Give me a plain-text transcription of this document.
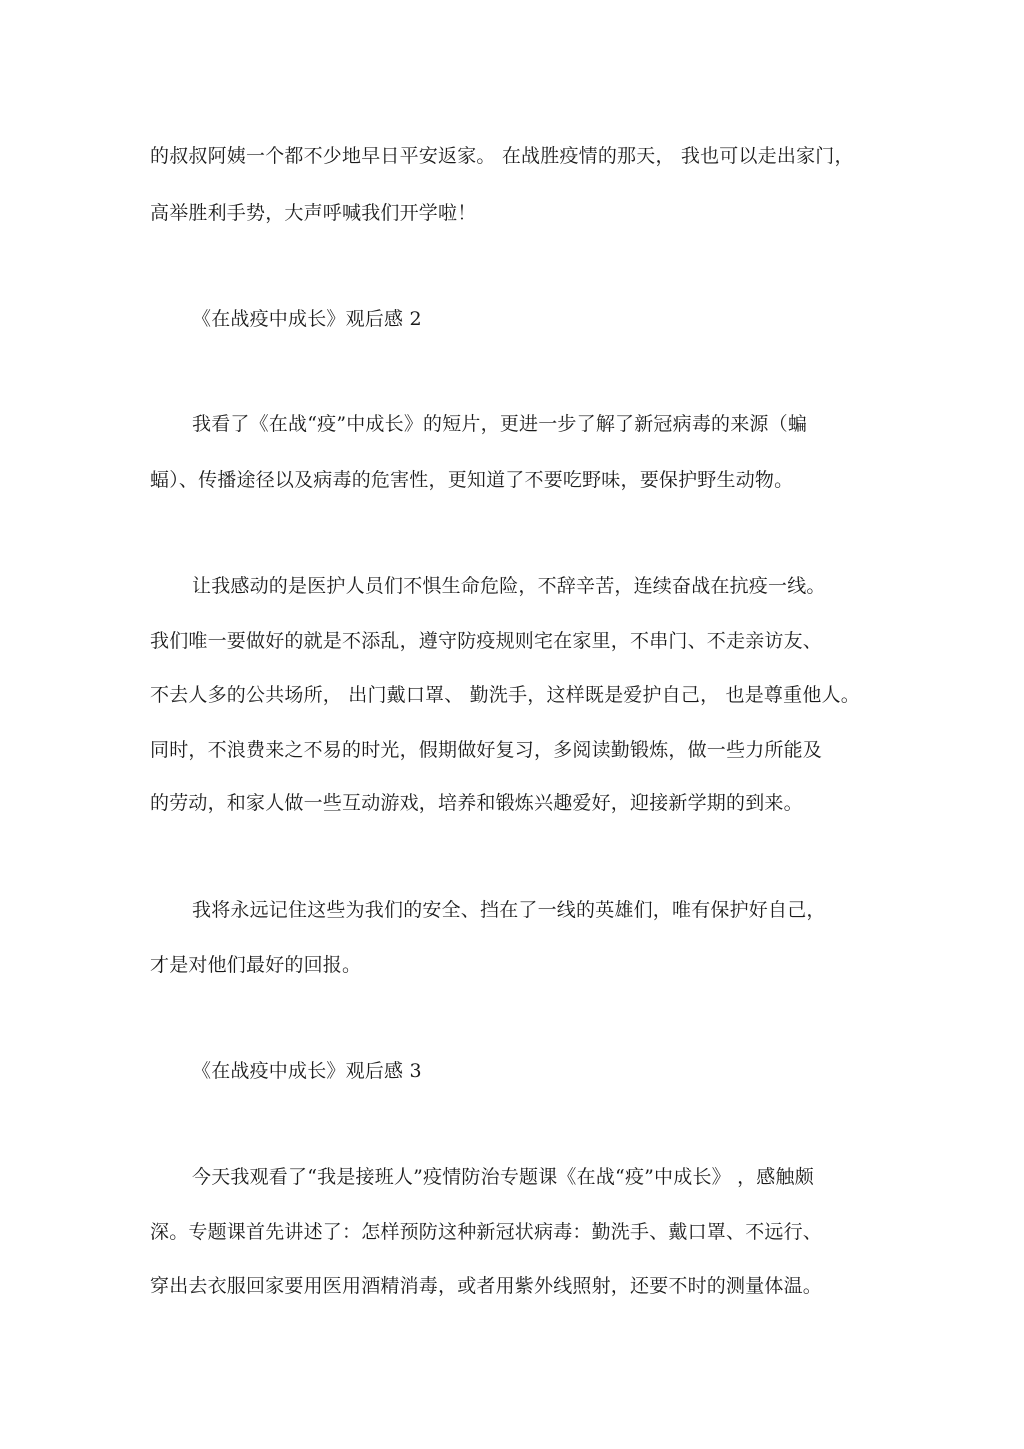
的叔叔阿姨一个都不少地早日平安返家。 在战胜疫情的那天， 我也可以走出家门，
高举胜利手势，大声呼喊我们开学啦！
《在战疫中成长》观后感 2
我看了《在战“疫”中成长》的短片，更进一步了解了新冠病毒的来源（蝙
蝠）、传播途径以及病毒的危害性，更知道了不要吃野味，要保护野生动物。
让我感动的是医护人员们不惧生命危险，不辞辛苦，连续奋战在抗疫一线。
我们唯一要做好的就是不添乱，遵守防疫规则宅在家里，不串门、不走亲访友、
不去人多的公共场所， 出门戴口罩、 勤洗手，这样既是爱护自己， 也是尊重他人。
同时，不浪费来之不易的时光，假期做好复习，多阅读勤锻炼，做一些力所能及
的劳动，和家人做一些互动游戏，培养和锻炼兴趣爱好，迎接新学期的到来。
我将永远记住这些为我们的安全、挡在了一线的英雄们，唯有保护好自己，
才是对他们最好的回报。
《在战疫中成长》观后感 3
今天我观看了“我是接班人”疫情防治专题课《在战“疫”中成长》 ，感触颇
深。专题课首先讲述了：怎样预防这种新冠状病毒：勤洗手、戴口罩、不远行、
穿出去衣服回家要用医用酒精消毒，或者用紫外线照射，还要不时的测量体温。
